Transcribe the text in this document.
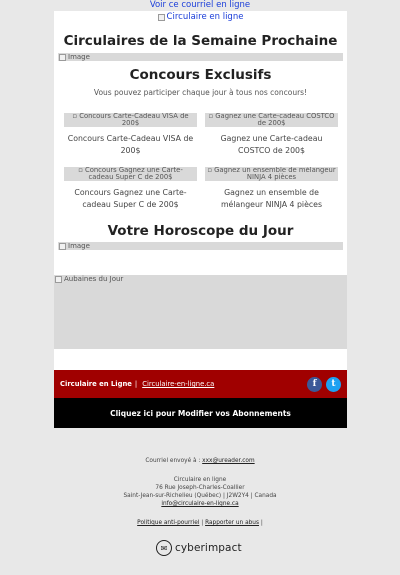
Voir ce courriel en ligne
Circulaire en ligne
Circulaires de la Semaine Prochaine
Image
Concours Exclusifs
Vous pouvez participer chaque jour à tous nos concours!
▫ Concours Carte-Cadeau VISA de 200$
Concours Carte-Cadeau VISA de 200$
▫ Gagnez une Carte-cadeau COSTCO de 200$
Gagnez une Carte-cadeau COSTCO de 200$
▫ Concours Gagnez une Carte-cadeau Super C de 200$
Concours Gagnez une Carte-cadeau Super C de 200$
▫ Gagnez un ensemble de mélangeur NINJA 4 pièces
Gagnez un ensemble de mélangeur NINJA 4 pièces
Votre Horoscope du Jour
Image
Aubaines du Jour
Circulaire en Ligne | Circulaire-en-ligne.ca	f	t
Cliquez ici pour Modifier vos Abonnements
Courriel envoyé à : xxx@ureader.com
Circulaire en ligne
76 Rue Joseph-Charles-Coallier
Saint-Jean-sur-Richelieu (Québec) | J2W2Y4 | Canada
info@circulaire-en-ligne.ca
Politique anti-pourriel | Rapporter un abus |
✉ cyberimpact
